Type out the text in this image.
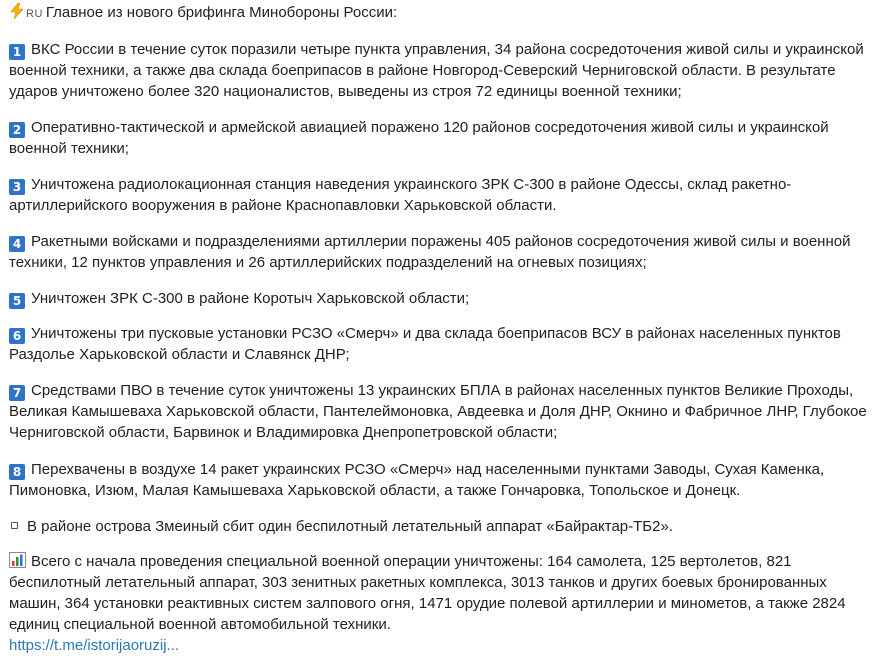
RU Главное из нового брифинга Минобороны России:
1 ВКС России в течение суток поразили четыре пункта управления, 34 района сосредоточения живой силы и украинской военной техники, а также два склада боеприпасов в районе Новгород-Северский Черниговской области. В результате ударов уничтожено более 320 националистов, выведены из строя 72 единицы военной техники;
2 Оперативно-тактической и армейской авиацией поражено 120 районов сосредоточения живой силы и украинской военной техники;
3 Уничтожена радиолокационная станция наведения украинского ЗРК С-300 в районе Одессы, склад ракетно-артиллерийского вооружения в районе Краснопавловки Харьковской области.
4 Ракетными войсками и подразделениями артиллерии поражены 405 районов сосредоточения живой силы и военной техники, 12 пунктов управления и 26 артиллерийских подразделений на огневых позициях;
5 Уничтожен ЗРК С-300 в районе Коротыч Харьковской области;
6 Уничтожены три пусковые установки РСЗО «Смерч» и два склада боеприпасов ВСУ в районах населенных пунктов Раздолье Харьковской области и Славянск ДНР;
7 Средствами ПВО в течение суток уничтожены 13 украинских БПЛА в районах населенных пунктов Великие Проходы, Великая Камышеваха Харьковской области, Пантелеймоновка, Авдеевка и Доля ДНР, Окнино и Фабричное ЛНР, Глубокое Черниговской области, Барвинок и Владимировка Днепропетровской области;
8 Перехвачены в воздухе 14 ракет украинских РСЗО «Смерч» над населенными пунктами Заводы, Сухая Каменка, Пимоновка, Изюм, Малая Камышеваха Харьковской области, а также Гончаровка, Топольское и Донецк.
В районе острова Змеиный сбит один беспилотный летательный аппарат «Байрактар-ТБ2».
Всего с начала проведения специальной военной операции уничтожены: 164 самолета, 125 вертолетов, 821 беспилотный летательный аппарат, 303 зенитных ракетных комплекса, 3013 танков и других боевых бронированных машин, 364 установки реактивных систем залпового огня, 1471 орудие полевой артиллерии и минометов, а также 2824 единиц специальной военной автомобильной техники.
https://t.me/istorijaoruzij...
